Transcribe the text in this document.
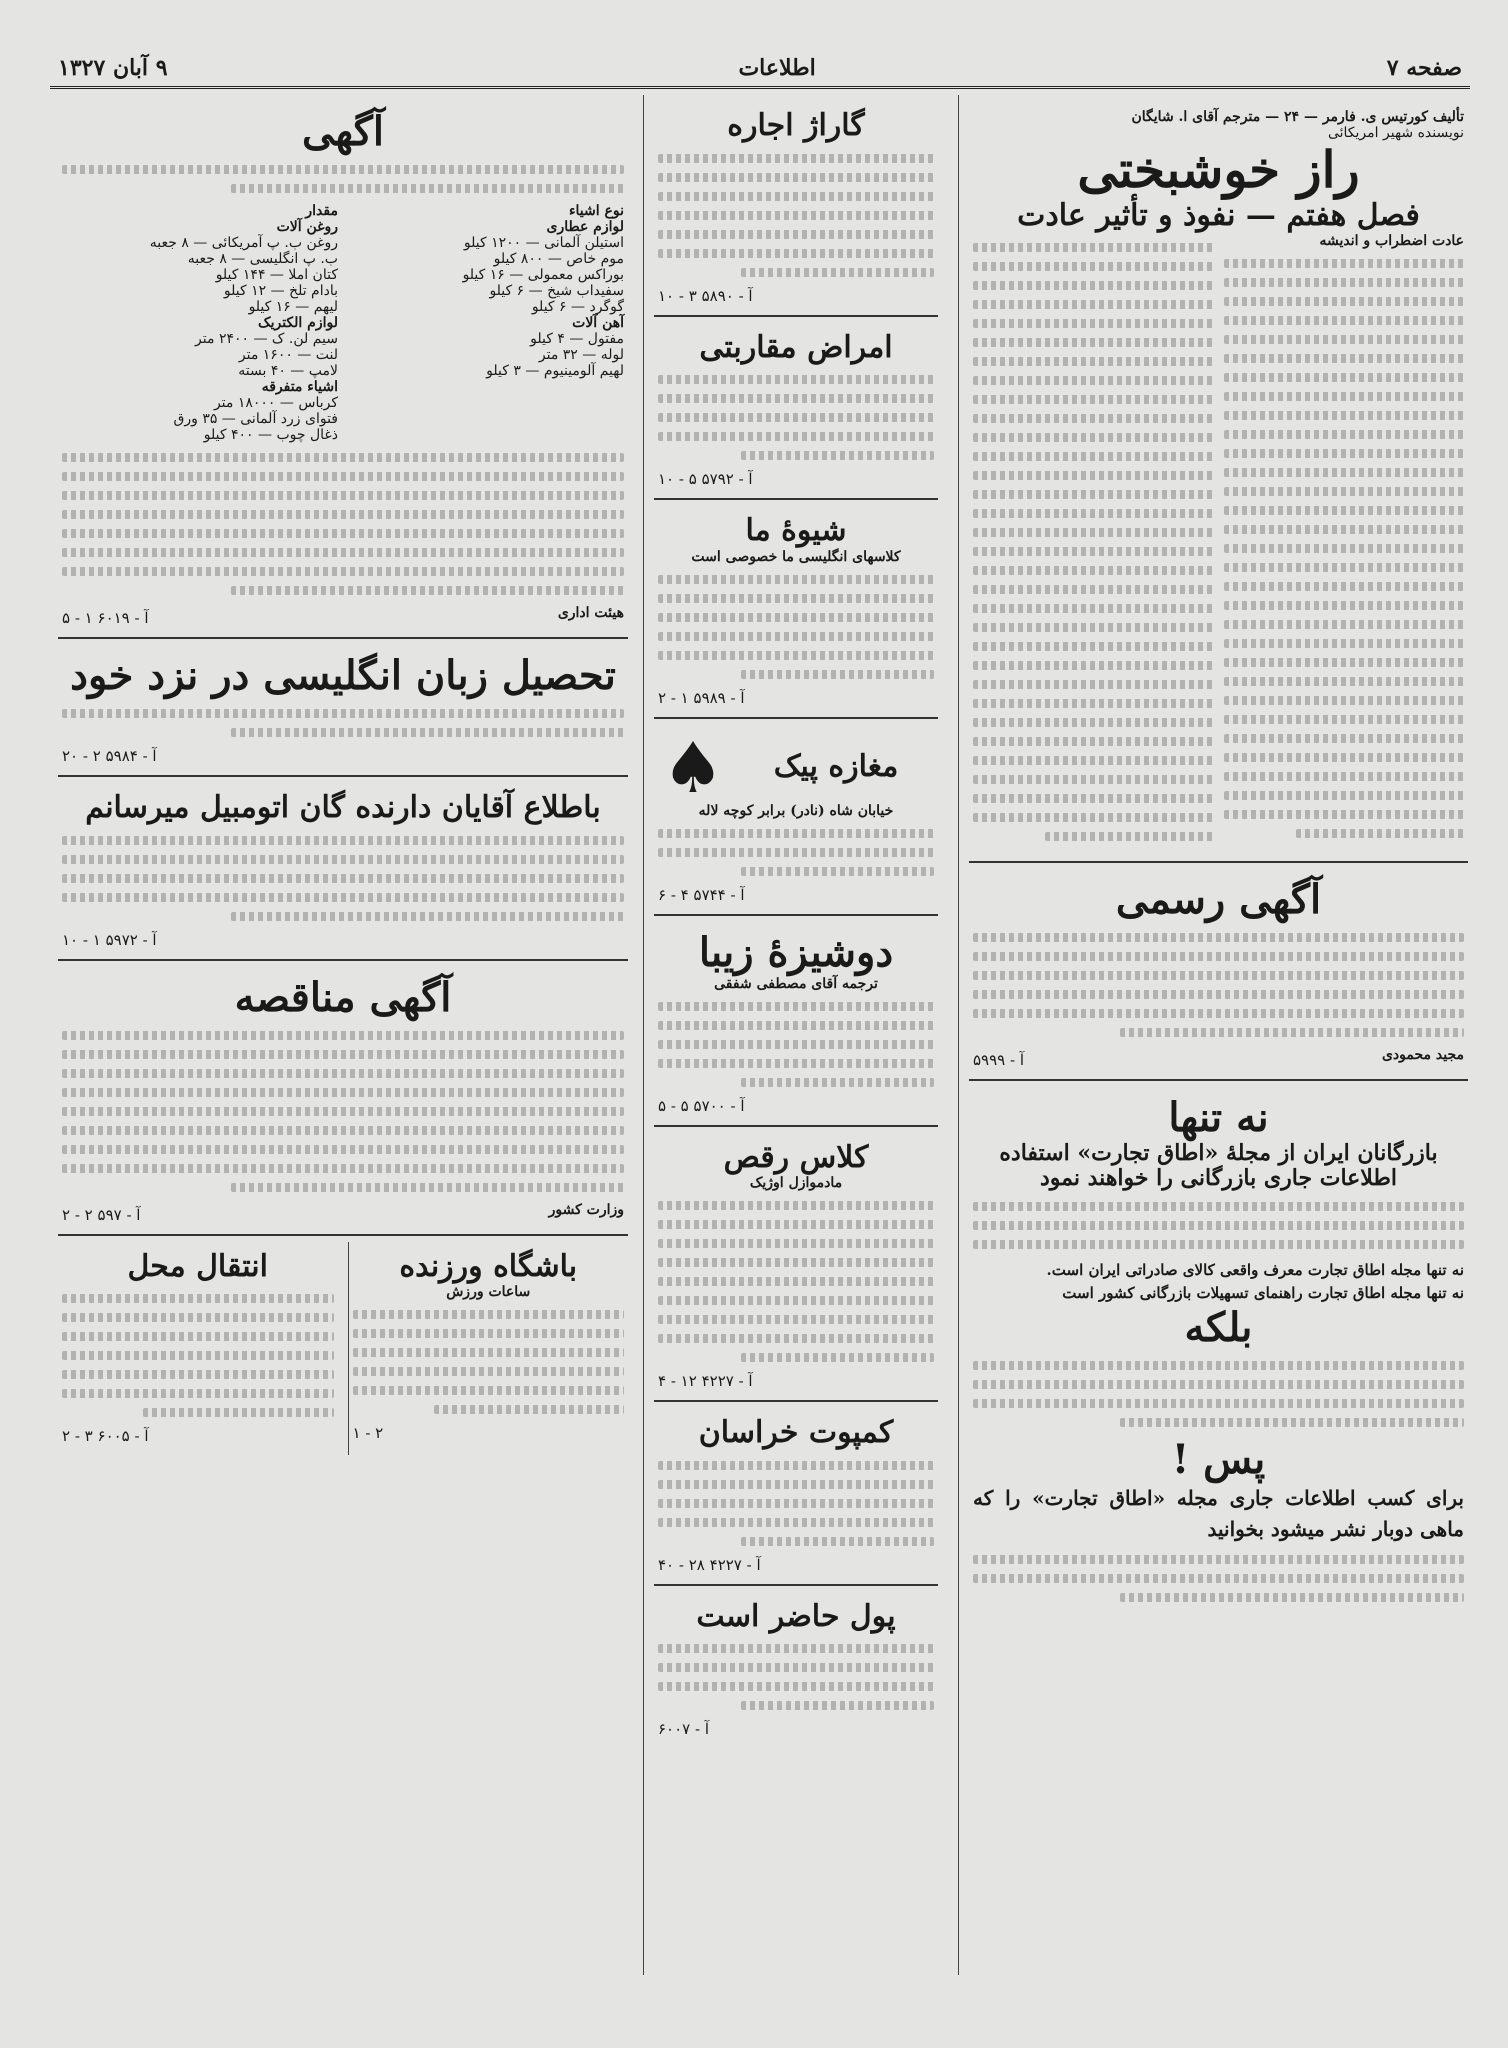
صفحه ۷
اطلاعات
۹ آبان ۱۳۲۷
تألیف کورتیس ی. فارمر — ۲۴ — مترجم آقای ا. شایگان
نویسنده شهیر امریکائی
راز خوشبختی
فصل هفتم — نفوذ و تأثیر عادت
عادت اضطراب و اندیشه
آگهی رسمی
مجید محمودی
آ - ۵۹۹۹
نه تنها
بازرگانان ایران از مجلهٔ «اطاق تجارت» استفاده
اطلاعات جاری بازرگانی را خواهند نمود
نه تنها مجله اطاق تجارت معرف واقعی کالای صادراتی ایران است.
نه تنها مجله اطاق تجارت راهنمای تسهیلات بازرگانی کشور است
بلکه
پس !
برای کسب اطلاعات جاری مجله «اطاق تجارت» را که ماهی دوبار نشر میشود بخوانید
گاراژ اجاره
آ - ۵۸۹۰ ۳ - ۱۰
امراض مقاربتی
آ - ۵۷۹۲ ۵ - ۱۰
شیوهٔ ما
کلاسهای انگلیسی ما خصوصی است
آ - ۵۹۸۹ ۱ - ۲
مغازه پیک
♠
خیابان شاه (نادر) برابر کوچه لاله
آ - ۵۷۴۴ ۴ - ۶
دوشیزهٔ زیبا
ترجمه آقای مصطفی شفقی
آ - ۵۷۰۰ ۵ - ۵
کلاس رقص
مادموازل اوژیک
آ - ۴۲۲۷ ۱۲ - ۴
کمپوت خراسان
آ - ۴۲۲۷ ۲۸ - ۴۰
پول حاضر است
آ - ۶۰۰۷
آگهی
نوع اشیاء
مقدار
لوازم عطاری
استیلن آلمانی — ۱۲۰۰ کیلو
موم خاص — ۸۰۰ کیلو
بوراکس معمولی — ۱۶ کیلو
سفیداب شیخ — ۶ کیلو
گوگرد — ۶ کیلو
آهن آلات
مفتول — ۴ کیلو
لوله — ۳۲ متر
لهیم آلومینیوم — ۳ کیلو
روغن آلات
روغن ب. پ آمریکائی — ۸ جعبه
ب. پ انگلیسی — ۸ جعبه
کتان املا — ۱۴۴ کیلو
بادام تلخ — ۱۲ کیلو
لیهم — ۱۶ کیلو
لوازم الکتریک
سیم لن. ک — ۲۴۰۰ متر
لنت — ۱۶۰۰ متر
لامپ — ۴۰ بسته
اشیاء متفرقه
کرباس — ۱۸۰۰۰ متر
فتوای زرد آلمانی — ۳۵ ورق
ذغال چوب — ۴۰۰ کیلو
هیئت اداری
آ - ۶۰۱۹ ۱ - ۵
تحصیل زبان انگلیسی در نزد خود
آ - ۵۹۸۴ ۲ - ۲۰
باطلاع آقایان دارنده گان اتومبیل میرسانم
آ - ۵۹۷۲ ۱ - ۱۰
آگهی مناقصه
وزارت کشور
آ - ۵۹۷ ۲ - ۲
باشگاه ورزنده
ساعات ورزش
۱ - ۲
انتقال محل
آ - ۶۰۰۵ ۳ - ۲
